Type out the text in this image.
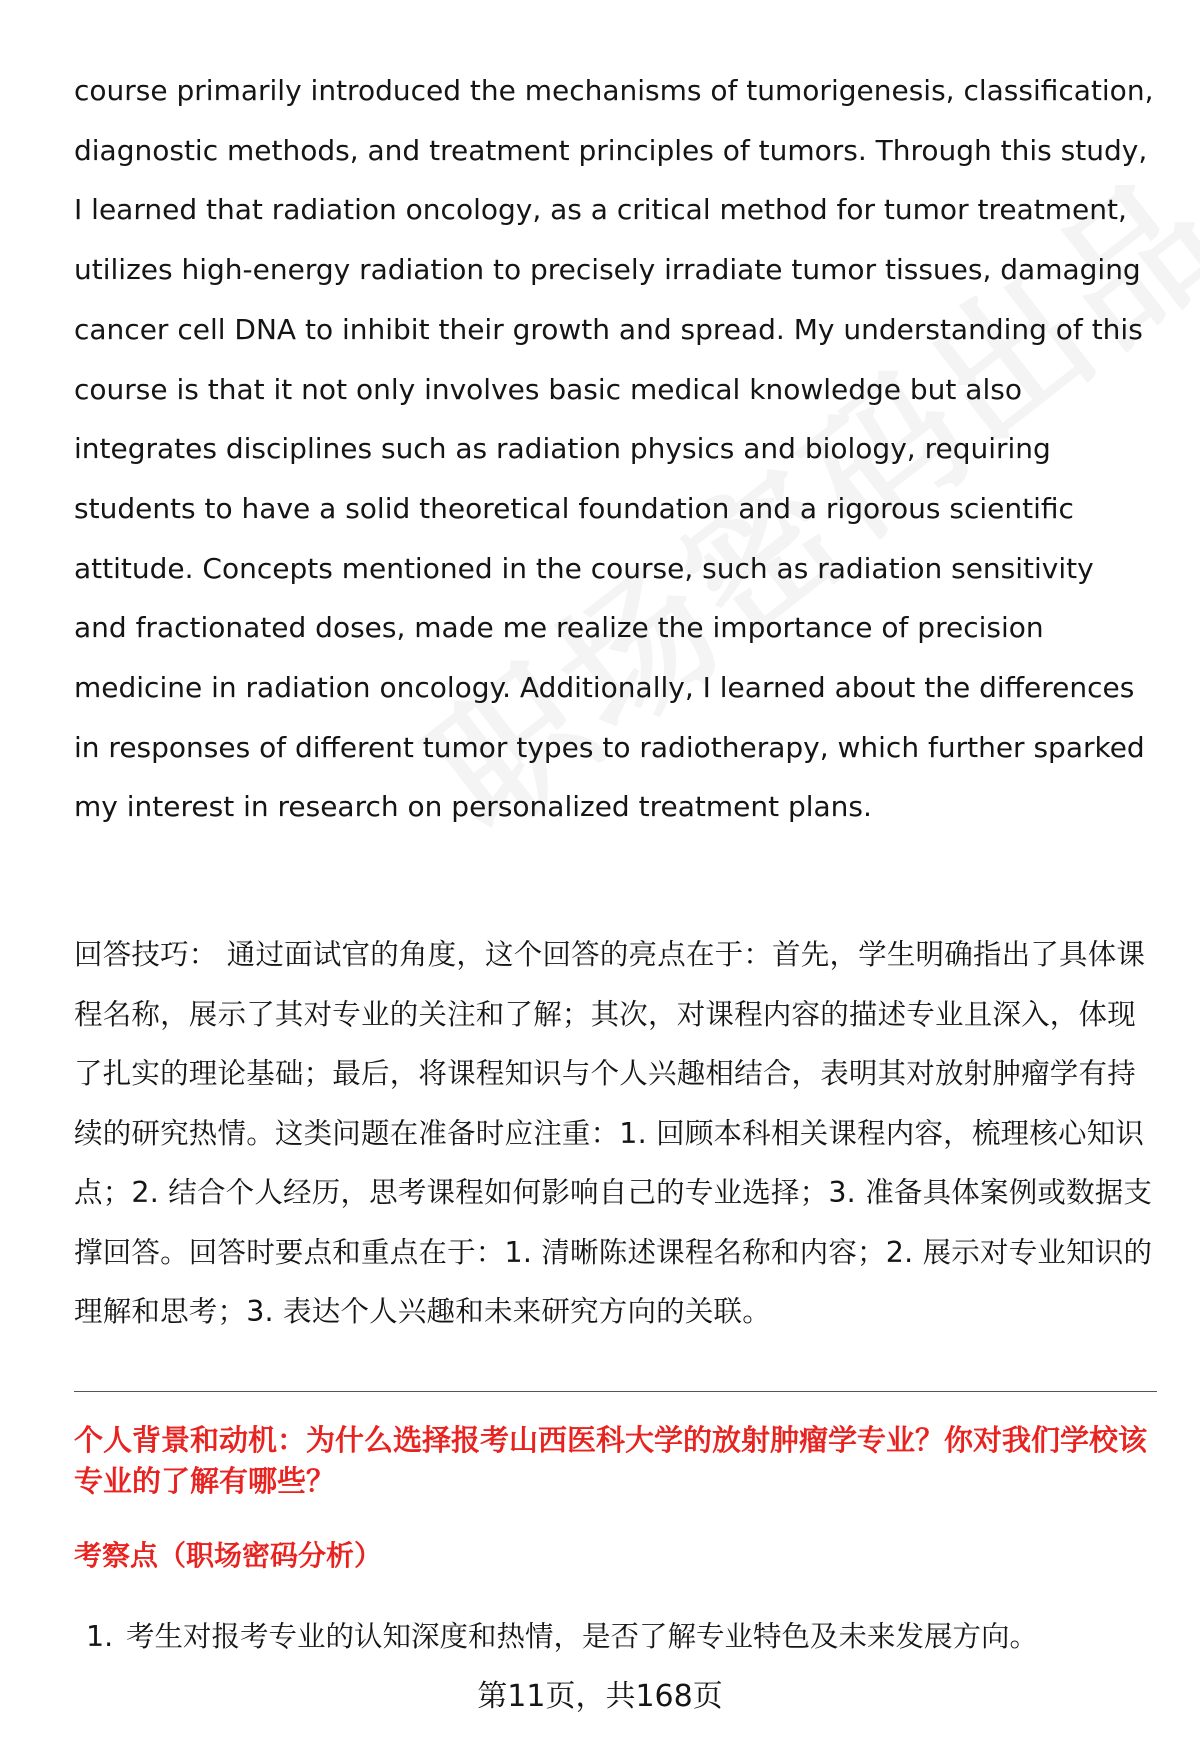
course primarily introduced the mechanisms of tumorigenesis, classification, diagnostic methods, and treatment principles of tumors. Through this study, I learned that radiation oncology, as a critical method for tumor treatment, utilizes high-energy radiation to precisely irradiate tumor tissues, damaging cancer cell DNA to inhibit their growth and spread. My understanding of this course is that it not only involves basic medical knowledge but also integrates disciplines such as radiation physics and biology, requiring students to have a solid theoretical foundation and a rigorous scientific attitude. Concepts mentioned in the course, such as radiation sensitivity and fractionated doses, made me realize the importance of precision medicine in radiation oncology. Additionally, I learned about the differences in responses of different tumor types to radiotherapy, which further sparked my interest in research on personalized treatment plans.

回答技巧： 通过面试官的角度，这个回答的亮点在于：首先，学生明确指出了具体课程名称，展示了其对专业的关注和了解；其次，对课程内容的描述专业且深入，体现了扎实的理论基础；最后，将课程知识与个人兴趣相结合，表明其对放射肿瘤学有持续的研究热情。这类问题在准备时应注重：1. 回顾本科相关课程内容，梳理核心知识点；2. 结合个人经历，思考课程如何影响自己的专业选择；3. 准备具体案例或数据支撑回答。回答时要点和重点在于：1. 清晰陈述课程名称和内容；2. 展示对专业知识的理解和思考；3. 表达个人兴趣和未来研究方向的关联。

个人背景和动机：为什么选择报考山西医科大学的放射肿瘤学专业？你对我们学校该专业的了解有哪些？
考察点（职场密码分析）
1. 考生对报考专业的认知深度和热情，是否了解专业特色及未来发展方向。
第11页，共168页
